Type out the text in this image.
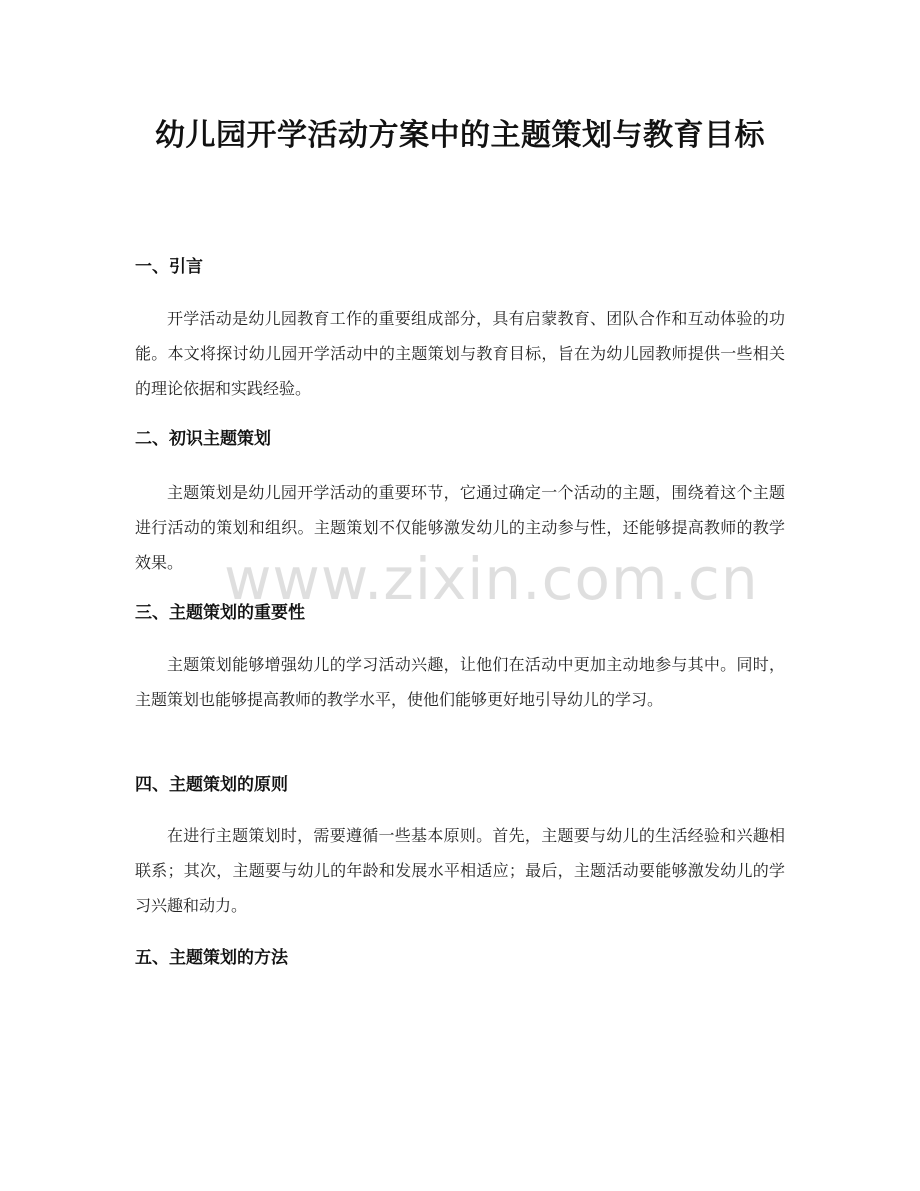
幼儿园开学活动方案中的主题策划与教育目标
一、引言

开学活动是幼儿园教育工作的重要组成部分，具有启蒙教育、团队合作和互动体验的功能。本文将探讨幼儿园开学活动中的主题策划与教育目标，旨在为幼儿园教师提供一些相关的理论依据和实践经验。

二、初识主题策划

主题策划是幼儿园开学活动的重要环节，它通过确定一个活动的主题，围绕着这个主题进行活动的策划和组织。主题策划不仅能够激发幼儿的主动参与性，还能够提高教师的教学效果。

三、主题策划的重要性

主题策划能够增强幼儿的学习活动兴趣，让他们在活动中更加主动地参与其中。同时，主题策划也能够提高教师的教学水平，使他们能够更好地引导幼儿的学习。

四、主题策划的原则

在进行主题策划时，需要遵循一些基本原则。首先，主题要与幼儿的生活经验和兴趣相联系；其次，主题要与幼儿的年龄和发展水平相适应；最后，主题活动要能够激发幼儿的学习兴趣和动力。

五、主题策划的方法
www.zixin.com.cn
